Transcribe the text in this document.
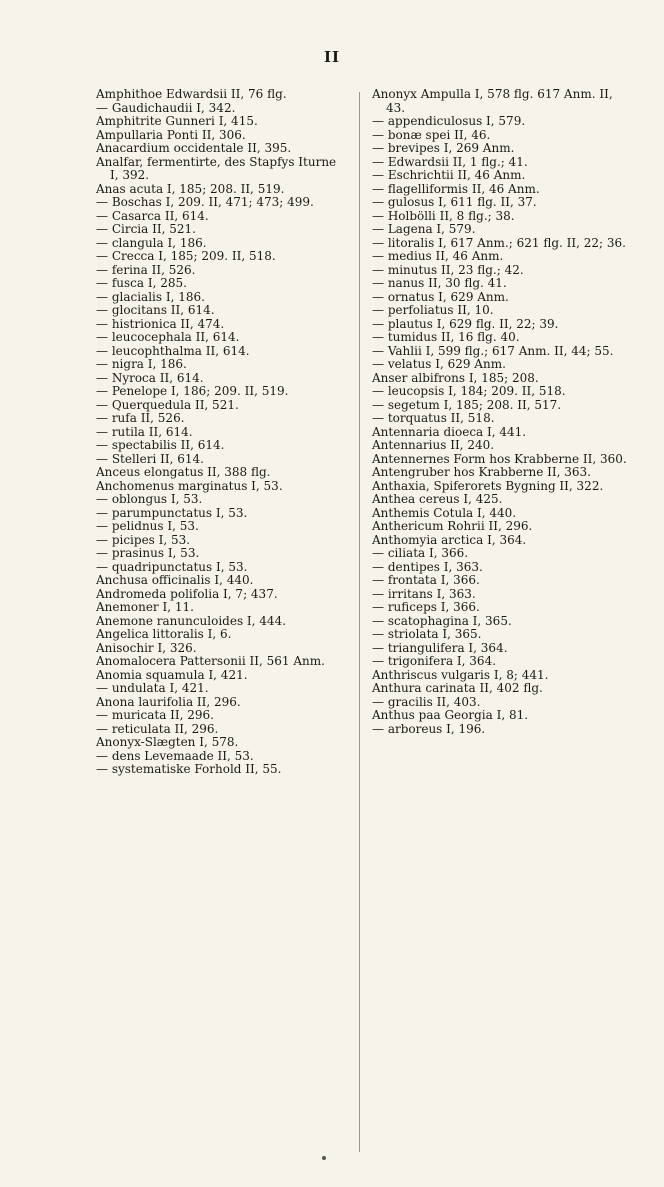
II
Amphithoe Edwardsii II, 76 flg.
— Gaudichaudii I, 342.
Amphitrite Gunneri I, 415.
Ampullaria Ponti II, 306.
Anacardium occidentale II, 395.
Analfar, fermentirte, des Stapfys Iturne I, 392.
Anas acuta I, 185; 208. II, 519.
— Boschas I, 209. II, 471; 473; 499.
— Casarca II, 614.
— Circia II, 521.
— clangula I, 186.
— Crecca I, 185; 209. II, 518.
— ferina II, 526.
— fusca I, 285.
— glacialis I, 186.
— glocitans II, 614.
— histrionica II, 474.
— leucocephala II, 614.
— leucophthalma II, 614.
— nigra I, 186.
— Nyroca II, 614.
— Penelope I, 186; 209. II, 519.
— Querquedula II, 521.
— rufa II, 526.
— rutila II, 614.
— spectabilis II, 614.
— Stelleri II, 614.
Anceus elongatus II, 388 flg.
Anchomenus marginatus I, 53.
— oblongus I, 53.
— parumpunctatus I, 53.
— pelidnus I, 53.
— picipes I, 53.
— prasinus I, 53.
— quadripunctatus I, 53.
Anchusa officinalis I, 440.
Andromeda polifolia I, 7; 437.
Anemoner I, 11.
Anemone ranunculoides I, 444.
Angelica littoralis I, 6.
Anisochir I, 326.
Anomalocera Pattersonii II, 561 Anm.
Anomia squamula I, 421.
— undulata I, 421.
Anona laurifolia II, 296.
— muricata II, 296.
— reticulata II, 296.
Anonyx-Slægten I, 578.
— dens Levemaade II, 53.
— systematiske Forhold II, 55.
Anonyx Ampulla I, 578 flg. 617 Anm. II, 43.
— appendiculosus I, 579.
— bonæ spei II, 46.
— brevipes I, 269 Anm.
— Edwardsii II, 1 flg.; 41.
— Eschrichtii II, 46 Anm.
— flagelliformis II, 46 Anm.
— gulosus I, 611 flg. II, 37.
— Holbölli II, 8 flg.; 38.
— Lagena I, 579.
— litoralis I, 617 Anm.; 621 flg. II, 22; 36.
— medius II, 46 Anm.
— minutus II, 23 flg.; 42.
— nanus II, 30 flg. 41.
— ornatus I, 629 Anm.
— perfoliatus II, 10.
— plautus I, 629 flg. II, 22; 39.
— tumidus II, 16 flg. 40.
— Vahlii I, 599 flg.; 617 Anm. II, 44; 55.
— velatus I, 629 Anm.
Anser albifrons I, 185; 208.
— leucopsis I, 184; 209. II, 518.
— segetum I, 185; 208. II, 517.
— torquatus II, 518.
Antennaria dioeca I, 441.
Antennarius II, 240.
Antennernes Form hos Krabberne II, 360.
Antengruber hos Krabberne II, 363.
Anthaxia, Spiferorets Bygning II, 322.
Anthea cereus I, 425.
Anthemis Cotula I, 440.
Anthericum Rohrii II, 296.
Anthomyia arctica I, 364.
— ciliata I, 366.
— dentipes I, 363.
— frontata I, 366.
— irritans I, 363.
— ruficeps I, 366.
— scatophagina I, 365.
— striolata I, 365.
— triangulifera I, 364.
— trigonifera I, 364.
Anthriscus vulgaris I, 8; 441.
Anthura carinata II, 402 flg.
— gracilis II, 403.
Anthus paa Georgia I, 81.
— arboreus I, 196.
